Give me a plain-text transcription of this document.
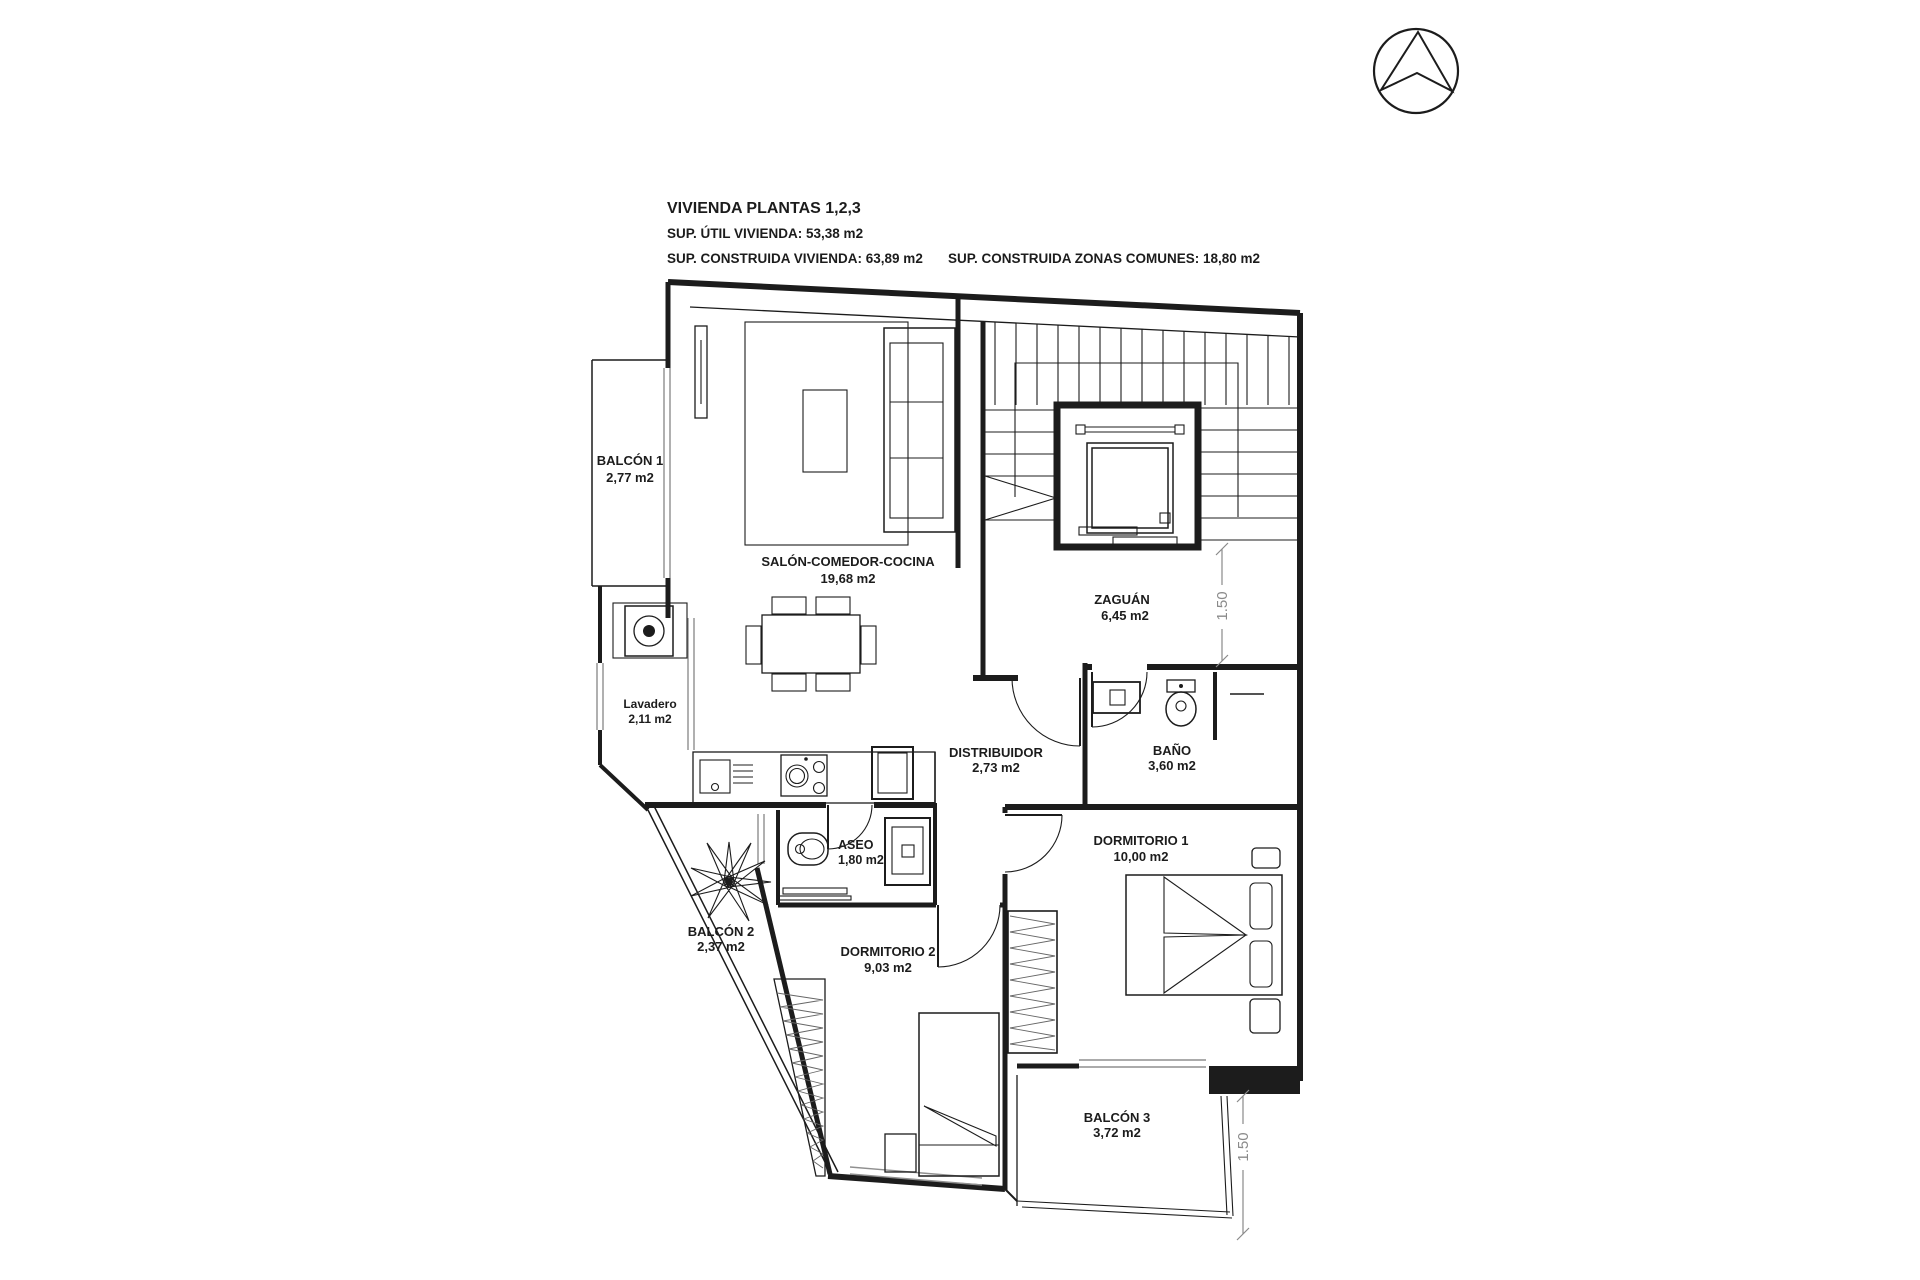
VIVIENDA PLANTAS 1,2,3
SUP. ÚTIL VIVIENDA: 53,38 m2
SUP. CONSTRUIDA VIVIENDA: 63,89 m2 SUP. CONSTRUIDA ZONAS COMUNES: 18,80 m2
1.50
1.50
BALCÓN 1
2,77 m2
SALÓN-COMEDOR-COCINA
19,68 m2
ZAGUÁN
6,45 m2
Lavadero
2,11 m2
DISTRIBUIDOR
2,73 m2
BAÑO
3,60 m2
ASEO
1,80 m2
DORMITORIO 1
10,00 m2
DORMITORIO 2
9,03 m2
BALCÓN 2
2,37 m2
BALCÓN 3
3,72 m2
